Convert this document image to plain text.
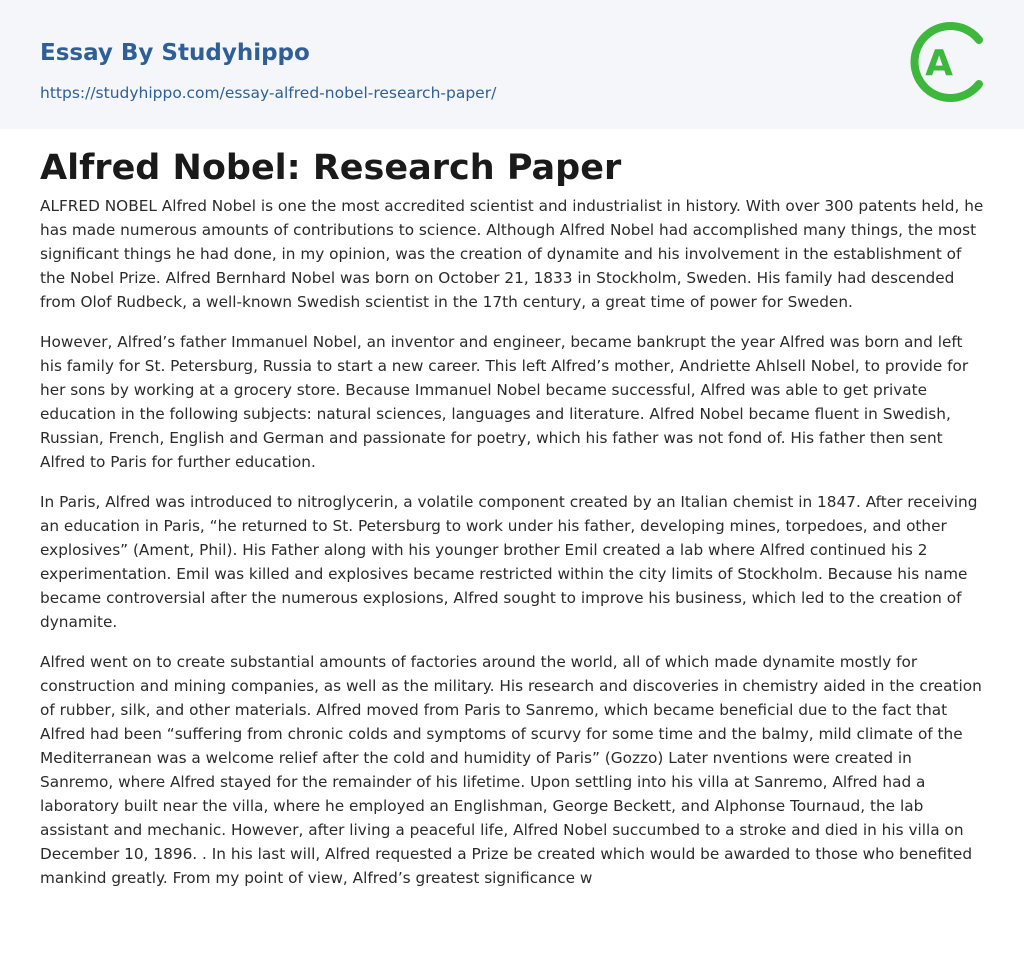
Essay By Studyhippo
https://studyhippo.com/essay-alfred-nobel-research-paper/
A
Alfred Nobel: Research Paper

ALFRED NOBEL Alfred Nobel is one the most accredited scientist and industrialist in history. With over 300 patents held, he has made numerous amounts of contributions to science. Although Alfred Nobel had accomplished many things, the most significant things he had done, in my opinion, was the creation of dynamite and his involvement in the establishment of the Nobel Prize. Alfred Bernhard Nobel was born on October 21, 1833 in Stockholm, Sweden. His family had descended from Olof Rudbeck, a well-known Swedish scientist in the 17th century, a great time of power for Sweden.

However, Alfred’s father Immanuel Nobel, an inventor and engineer, became bankrupt the year Alfred was born and left his family for St. Petersburg, Russia to start a new career. This left Alfred’s mother, Andriette Ahlsell Nobel, to provide for her sons by working at a grocery store. Because Immanuel Nobel became successful, Alfred was able to get private education in the following subjects: natural sciences, languages and literature. Alfred Nobel became fluent in Swedish, Russian, French, English and German and passionate for poetry, which his father was not fond of. His father then sent Alfred to Paris for further education.

In Paris, Alfred was introduced to nitroglycerin, a volatile component created by an Italian chemist in 1847. After receiving an education in Paris, “he returned to St. Petersburg to work under his father, developing mines, torpedoes, and other explosives” (Ament, Phil). His Father along with his younger brother Emil created a lab where Alfred continued his 2 experimentation. Emil was killed and explosives became restricted within the city limits of Stockholm. Because his name became controversial after the numerous explosions, Alfred sought to improve his business, which led to the creation of dynamite.

Alfred went on to create substantial amounts of factories around the world, all of which made dynamite mostly for construction and mining companies, as well as the military. His research and discoveries in chemistry aided in the creation of rubber, silk, and other materials. Alfred moved from Paris to Sanremo, which became beneficial due to the fact that Alfred had been “suffering from chronic colds and symptoms of scurvy for some time and the balmy, mild climate of the Mediterranean was a welcome relief after the cold and humidity of Paris” (Gozzo) Later nventions were created in Sanremo, where Alfred stayed for the remainder of his lifetime. Upon settling into his villa at Sanremo, Alfred had a laboratory built near the villa, where he employed an Englishman, George Beckett, and Alphonse Tournaud, the lab assistant and mechanic. However, after living a peaceful life, Alfred Nobel succumbed to a stroke and died in his villa on December 10, 1896. . In his last will, Alfred requested a Prize be created which would be awarded to those who benefited mankind greatly. From my point of view, Alfred’s greatest significance w
